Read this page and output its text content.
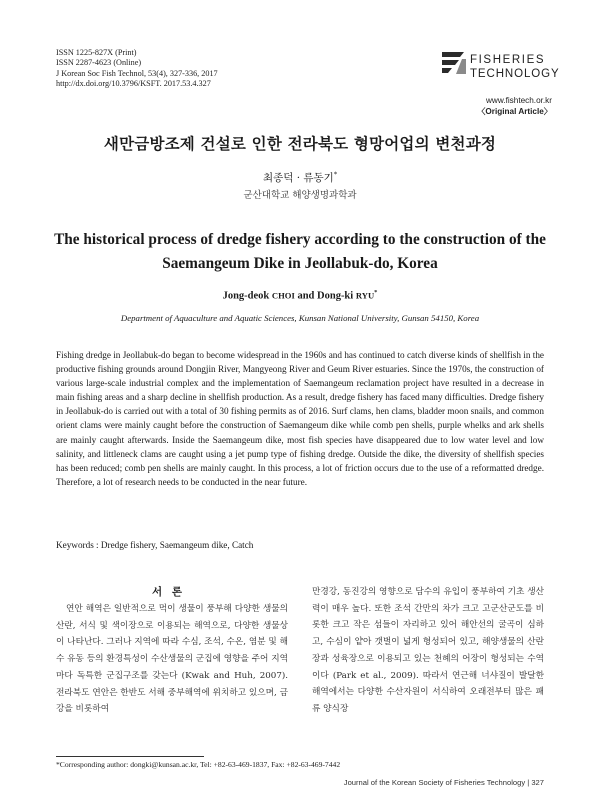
ISSN 1225-827X (Print)
ISSN 2287-4623 (Online)
J Korean Soc Fish Technol, 53(4), 327-336, 2017
http://dx.doi.org/10.3796/KSFT. 2017.53.4.327
FISHERIES
TECHNOLOGY
www.fishtech.or.kr
〈Original Article〉
새만금방조제 건설로 인한 전라북도 형망어업의 변천과정
최종덕 · 류동기*
군산대학교 해양생명과학과
The historical process of dredge fishery according to the construction of the
Saemangeum Dike in Jeollabuk-do, Korea
Jong-deok CHOI and Dong-ki RYU*
Department of Aquaculture and Aquatic Sciences, Kunsan National University, Gunsan 54150, Korea
Fishing dredge in Jeollabuk-do began to become widespread in the 1960s and has continued to catch diverse kinds of shellfish in the productive fishing grounds around Dongjin River, Mangyeong River and Geum River estuaries. Since the 1970s, the construction of various large-scale industrial complex and the implementation of Saemangeum reclamation project have resulted in a decrease in main fishing areas and a sharp decline in shellfish production. As a result, dredge fishery has faced many difficulties. Dredge fishery in Jeollabuk-do is carried out with a total of 30 fishing permits as of 2016. Surf clams, hen clams, bladder moon snails, and common orient clams were mainly caught before the construction of Saemangeum dike while comb pen shells, purple whelks and ark shells are mainly caught afterwards. Inside the Saemangeum dike, most fish species have disappeared due to low water level and low salinity, and littleneck clams are caught using a jet pump type of fishing dredge. Outside the dike, the diversity of shellfish species has been reduced; comb pen shells are mainly caught. In this process, a lot of friction occurs due to the use of a reformatted dredge. Therefore, a lot of research needs to be conducted in the near future.
Keywords : Dredge fishery, Saemangeum dike, Catch
서 론
연안 해역은 일반적으로 먹이 생물이 풍부해 다양한 생물의 산란, 서식 및 색이장으로 이용되는 해역으로, 다양한 생물상이 나타난다. 그러나 지역에 따라 수심, 조석, 수온, 염분 및 해수 유동 등의 환경특성이 수산생물의 군집에 영향을 주어 지역마다 독특한 군집구조를 갖는다 (Kwak and Huh, 2007). 전라북도 연안은 한반도 서해 중부해역에 위치하고 있으며, 금강을 비롯하여
만경강, 동진강의 영향으로 담수의 유입이 풍부하여 기초 생산력이 매우 높다. 또한 조석 간만의 차가 크고 고군산군도를 비롯한 크고 작은 섬들이 자리하고 있어 해안선의 굴곡이 심하고, 수심이 얕아 갯벌이 넓게 형성되어 있고, 해양생물의 산란장과 성육장으로 이용되고 있는 천혜의 어장이 형성되는 수역이다 (Park et al., 2009). 따라서 연근해 너샤질이 발달한 해역에서는 다양한 수산자원이 서식하여 오래전부터 많은 패류 양식장
*Corresponding author: dongki@kunsan.ac.kr, Tel: +82-63-469-1837, Fax: +82-63-469-7442
Journal of the Korean Society of Fisheries Technology | 327
